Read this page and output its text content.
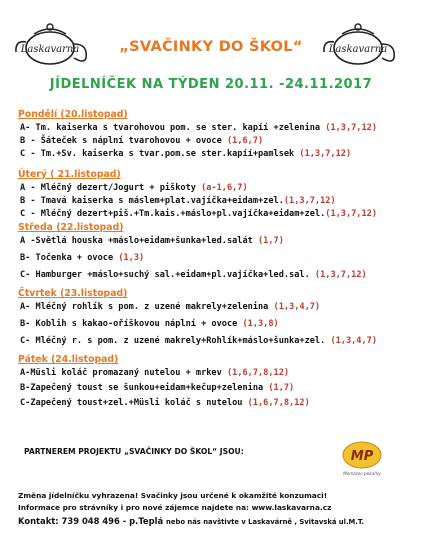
Laskavarna	Laskavarna
„SVAČINKY DO ŠKOL“
JÍDELNÍČEK NA TÝDEN 20.11. -24.11.2017
Pondělí (20.listopad)
A- Tm. kaiserka s tvarohovou pom. se ster. kapíí +zelenina (1,3,7,12)
B - Šáteček s náplní tvarohovou + ovoce (1,6,7)
C - Tm.+Sv. kaiserka s tvar.pom.se ster.kapíí+pamlsek (1,3,7,12)
Úterý ( 21.listopad)
A - Mléčný dezert/Jogurt + piškoty (a-1,6,7)
B - Tmavá kaiserka s máslem+plat.vajíčka+eidam+zel.(1,3,7,12)
C - Mléčný dezert+piš.+Tm.kais.+máslo+pl.vajíčka+eidam+zel.(1,3,7,12)
Středa (22.listopad)
A -Světlá houska +máslo+eidam+šunka+led.salát (1,7)
B- Točenka + ovoce (1,3)
C- Hamburger +máslo+suchý sal.+eidam+pl.vajíčka+led.sal. (1,3,7,12)
Čtvrtek (23.listopad)
A- Mléčný rohlík s pom. z uzené makrely+zelenina (1,3,4,7)
B- Koblih s kakao-oříškovou náplní + ovoce (1,3,8)
C- Mléčný r. s pom. z uzené makrely+Rohlík+máslo+šunka+zel. (1,3,4,7)
Pátek (24.listopad)
A-Müsli koláč promazaný nutelou + mrkev (1,6,7,8,12)
B-Zapečený toust se šunkou+eidam+kečup+zelenina (1,7)
C-Zapečený toust+zel.+Müsli koláč s nutelou (1,6,7,8,12)
PARTNEREM PROJEKTU „SVAČINKY DO ŠKOL“ JSOU:	MP
Momárec-pekařky
Změna jídelníčku vyhrazena! Svačinky jsou určené k okamžité konzumaci!
Informace pro strávníky i pro nové zájemce najdete na: www.laskavarna.cz
Kontakt: 739 048 496 - p.Teplá nebo nás navštivte v Laskavárně , Svitavská ul.M.T.
